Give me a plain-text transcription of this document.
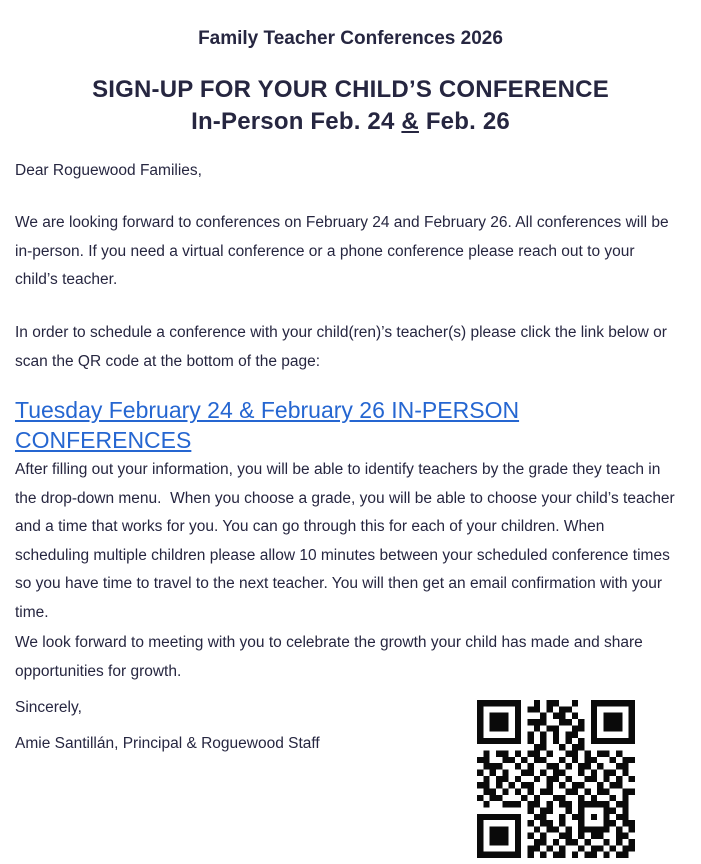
Family Teacher Conferences 2026
SIGN-UP FOR YOUR CHILD’S CONFERENCE
In-Person Feb. 24 & Feb. 26
Dear Roguewood Families,
We are looking forward to conferences on February 24 and February 26. All conferences will be in-person. If you need a virtual conference or a phone conference please reach out to your child’s teacher.
In order to schedule a conference with your child(ren)’s teacher(s) please click the link below or scan the QR code at the bottom of the page:
Tuesday February 24 & February 26 IN-PERSON CONFERENCES
After filling out your information, you will be able to identify teachers by the grade they teach in the drop-down menu.  When you choose a grade, you will be able to choose your child’s teacher and a time that works for you. You can go through this for each of your children. When scheduling multiple children please allow 10 minutes between your scheduled conference times so you have time to travel to the next teacher. You will then get an email confirmation with your time.
We look forward to meeting with you to celebrate the growth your child has made and share opportunities for growth.
Sincerely,
Amie Santillán, Principal & Roguewood Staff
